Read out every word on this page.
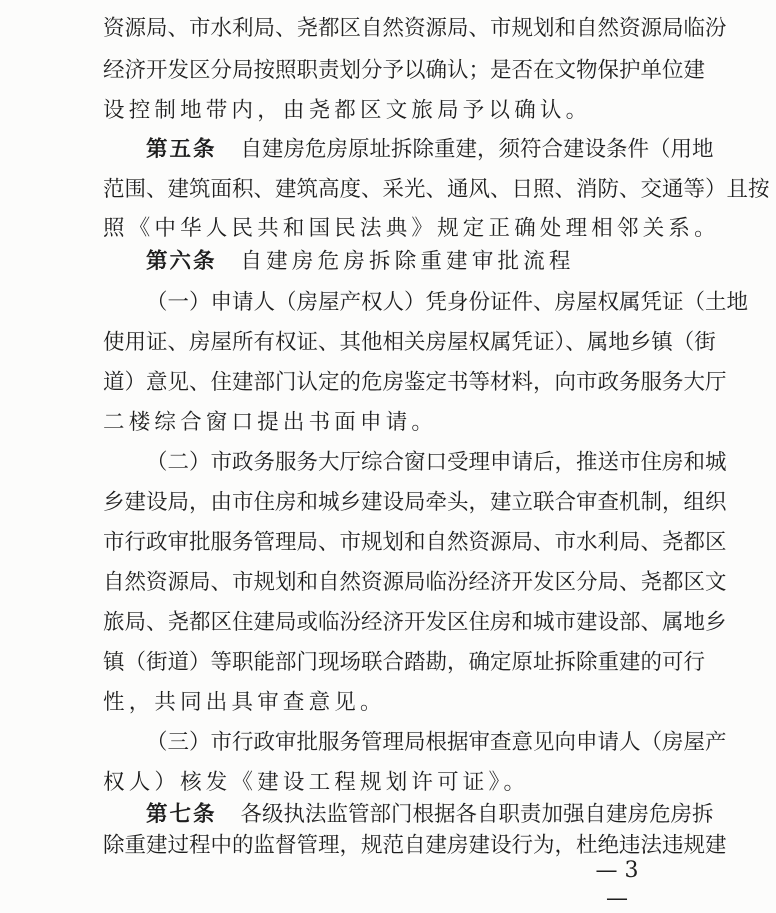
资源局、市水利局、尧都区自然资源局、市规划和自然资源局临汾
经济开发区分局按照职责划分予以确认；是否在文物保护单位建
设控制地带内，由尧都区文旅局予以确认。
第五条 自建房危房原址拆除重建，须符合建设条件（用地
范围、建筑面积、建筑高度、采光、通风、日照、消防、交通等）且按
照《中华人民共和国民法典》规定正确处理相邻关系。
第六条 自建房危房拆除重建审批流程
（一）申请人（房屋产权人）凭身份证件、房屋权属凭证（土地
使用证、房屋所有权证、其他相关房屋权属凭证）、属地乡镇（街
道）意见、住建部门认定的危房鉴定书等材料，向市政务服务大厅
二楼综合窗口提出书面申请。
（二）市政务服务大厅综合窗口受理申请后，推送市住房和城
乡建设局，由市住房和城乡建设局牵头，建立联合审查机制，组织
市行政审批服务管理局、市规划和自然资源局、市水利局、尧都区
自然资源局、市规划和自然资源局临汾经济开发区分局、尧都区文
旅局、尧都区住建局或临汾经济开发区住房和城市建设部、属地乡
镇（街道）等职能部门现场联合踏勘，确定原址拆除重建的可行
性，共同出具审查意见。
（三）市行政审批服务管理局根据审查意见向申请人（房屋产
权人）核发《建设工程规划许可证》。
第七条 各级执法监管部门根据各自职责加强自建房危房拆
除重建过程中的监督管理，规范自建房建设行为，杜绝违法违规建
— 3 —
